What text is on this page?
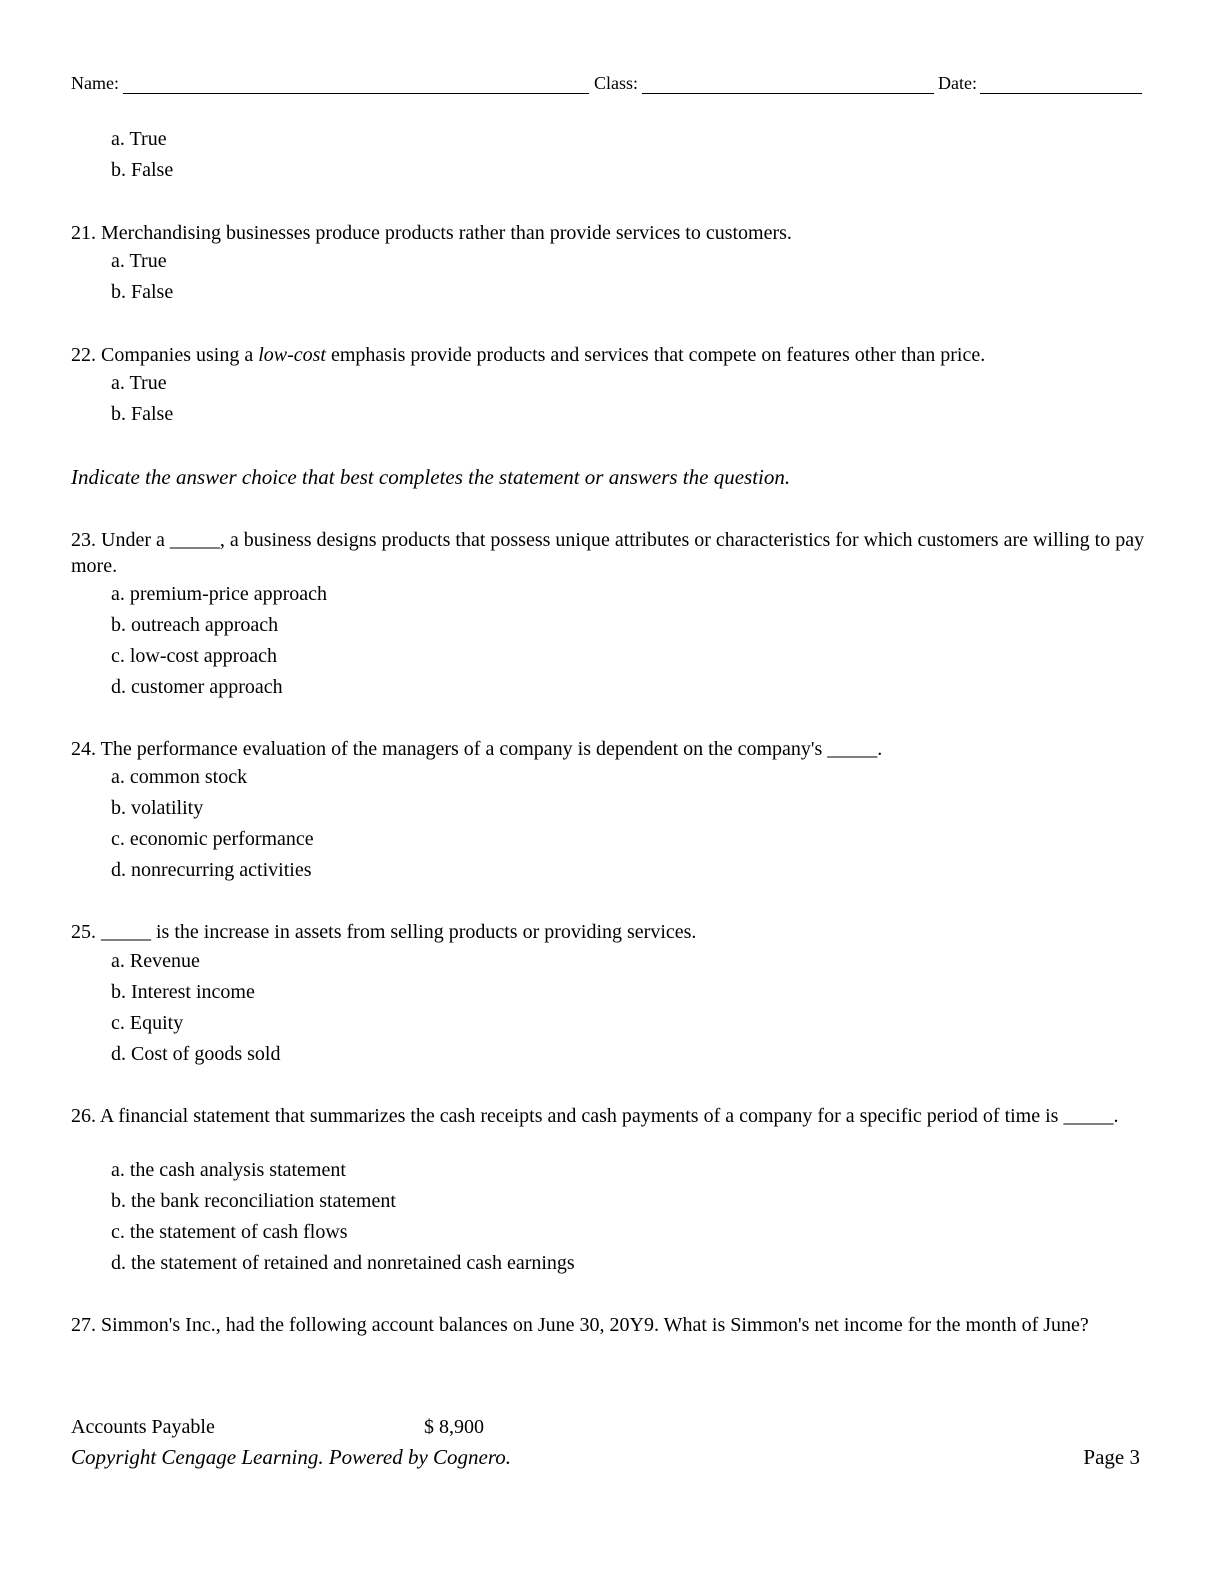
Name:	Class:	Date:
a. True
b. False
21. Merchandising businesses produce products rather than provide services to customers.
a. True
b. False
22. Companies using a low-cost emphasis provide products and services that compete on features other than price.
a. True
b. False
Indicate the answer choice that best completes the statement or answers the question.
23. Under a _____, a business designs products that possess unique attributes or characteristics for which customers are willing to pay more.
a. premium-price approach
b. outreach approach
c. low-cost approach
d. customer approach
24. The performance evaluation of the managers of a company is dependent on the company's _____.
a. common stock
b. volatility
c. economic performance
d. nonrecurring activities
25. _____ is the increase in assets from selling products or providing services.
a. Revenue
b. Interest income
c. Equity
d. Cost of goods sold
26. A financial statement that summarizes the cash receipts and cash payments of a company for a specific period of time is _____.
a. the cash analysis statement
b. the bank reconciliation statement
c. the statement of cash flows
d. the statement of retained and nonretained cash earnings
27. Simmon's Inc., had the following account balances on June 30, 20Y9. What is Simmon's net income for the month of June?
Accounts Payable	$ 8,900
Copyright Cengage Learning. Powered by Cognero.	Page 3
